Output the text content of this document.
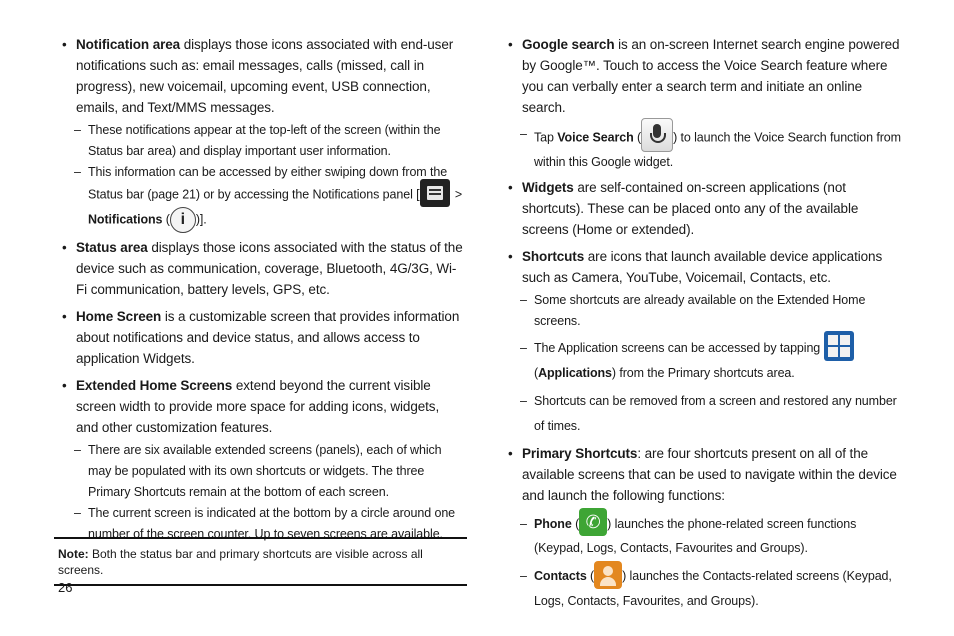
• Notification area displays those icons associated with end-user notifications such as: email messages, calls (missed, call in progress), new voicemail, upcoming event, USB connection, emails, and Text/MMS messages.
– These notifications appear at the top-left of the screen (within the Status bar area) and display important user information.
– This information can be accessed by either swiping down from the Status bar (page 21) or by accessing the Notifications panel [	>
Notifications ( i )].
• Status area displays those icons associated with the status of the device such as communication, coverage, Bluetooth, 4G/3G, Wi-Fi communication, battery levels, GPS, etc.
• Home Screen is a customizable screen that provides information about notifications and device status, and allows access to application Widgets.
• Extended Home Screens extend beyond the current visible screen width to provide more space for adding icons, widgets, and other customization features.
– There are six available extended screens (panels), each of which may be populated with its own shortcuts or widgets. The three Primary Shortcuts remain at the bottom of each screen.
– The current screen is indicated at the bottom by a circle around one number of the screen counter. Up to seven screens are available.
• Google search is an on-screen Internet search engine powered by Google™. Touch to access the Voice Search feature where you can verbally enter a search term and initiate an online search.
– Tap Voice Search (	) to launch the Voice Search function from within this Google widget.
• Widgets are self-contained on-screen applications (not shortcuts). These can be placed onto any of the available screens (Home or extended).
• Shortcuts are icons that launch available device applications such as Camera, YouTube, Voicemail, Contacts, etc.
– Some shortcuts are already available on the Extended Home screens.
– The Application screens can be accessed by tapping

(Applications) from the Primary shortcuts area.
– Shortcuts can be removed from a screen and restored any number of times.
• Primary Shortcuts: are four shortcuts present on all of the available screens that can be used to navigate within the device and launch the following functions:
– Phone ( ✆ ) launches the phone-related screen functions (Keypad, Logs, Contacts, Favourites and Groups).
– Contacts ( ) launches the Contacts-related screens (Keypad, Logs, Contacts, Favourites, and Groups).
Note: Both the status bar and primary shortcuts are visible across all screens.
26
